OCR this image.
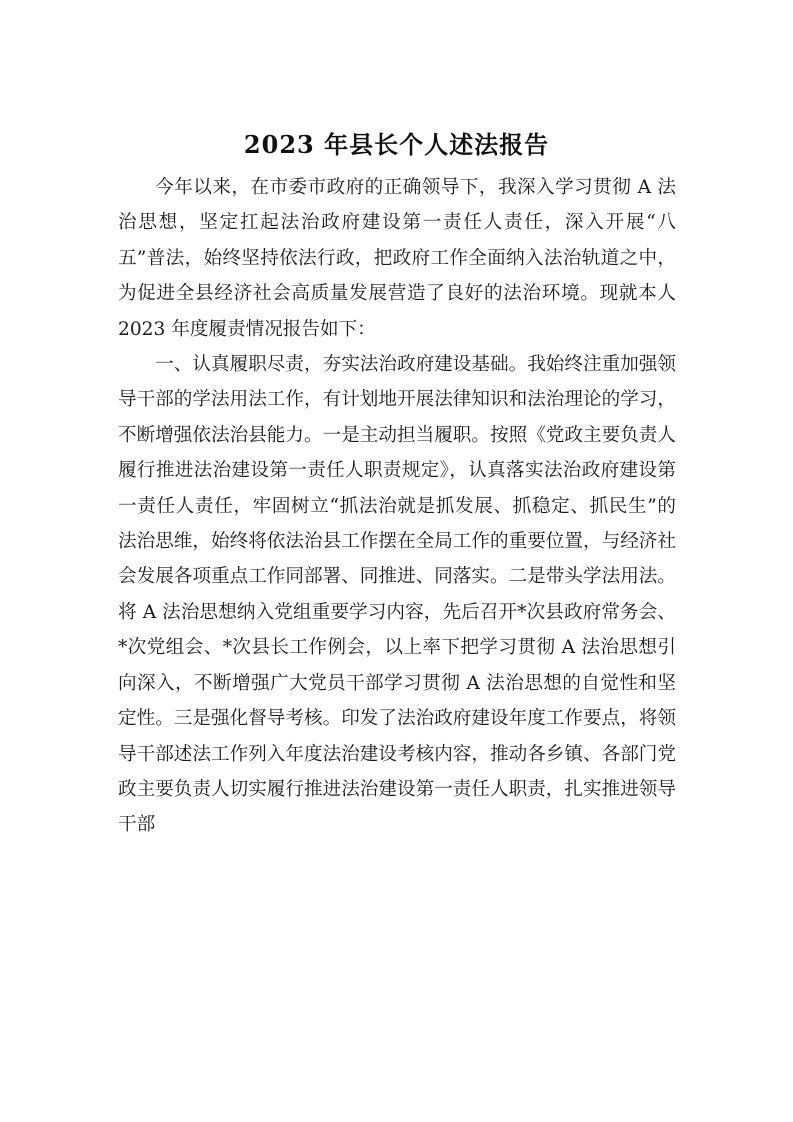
2023 年县长个人述法报告

今年以来，在市委市政府的正确领导下，我深入学习贯彻 A 法治思想，坚定扛起法治政府建设第一责任人责任，深入开展“八五”普法，始终坚持依法行政，把政府工作全面纳入法治轨道之中，为促进全县经济社会高质量发展营造了良好的法治环境。现就本人 2023 年度履责情况报告如下：

一、认真履职尽责，夯实法治政府建设基础。我始终注重加强领导干部的学法用法工作，有计划地开展法律知识和法治理论的学习，不断增强依法治县能力。一是主动担当履职。按照《党政主要负责人履行推进法治建设第一责任人职责规定》，认真落实法治政府建设第一责任人责任，牢固树立“抓法治就是抓发展、抓稳定、抓民生”的法治思维，始终将依法治县工作摆在全局工作的重要位置，与经济社会发展各项重点工作同部署、同推进、同落实。二是带头学法用法。将 A 法治思想纳入党组重要学习内容，先后召开*次县政府常务会、*次党组会、*次县长工作例会，以上率下把学习贯彻 A 法治思想引向深入，不断增强广大党员干部学习贯彻 A 法治思想的自觉性和坚定性。三是强化督导考核。印发了法治政府建设年度工作要点，将领导干部述法工作列入年度法治建设考核内容，推动各乡镇、各部门党政主要负责人切实履行推进法治建设第一责任人职责，扎实推进领导干部
